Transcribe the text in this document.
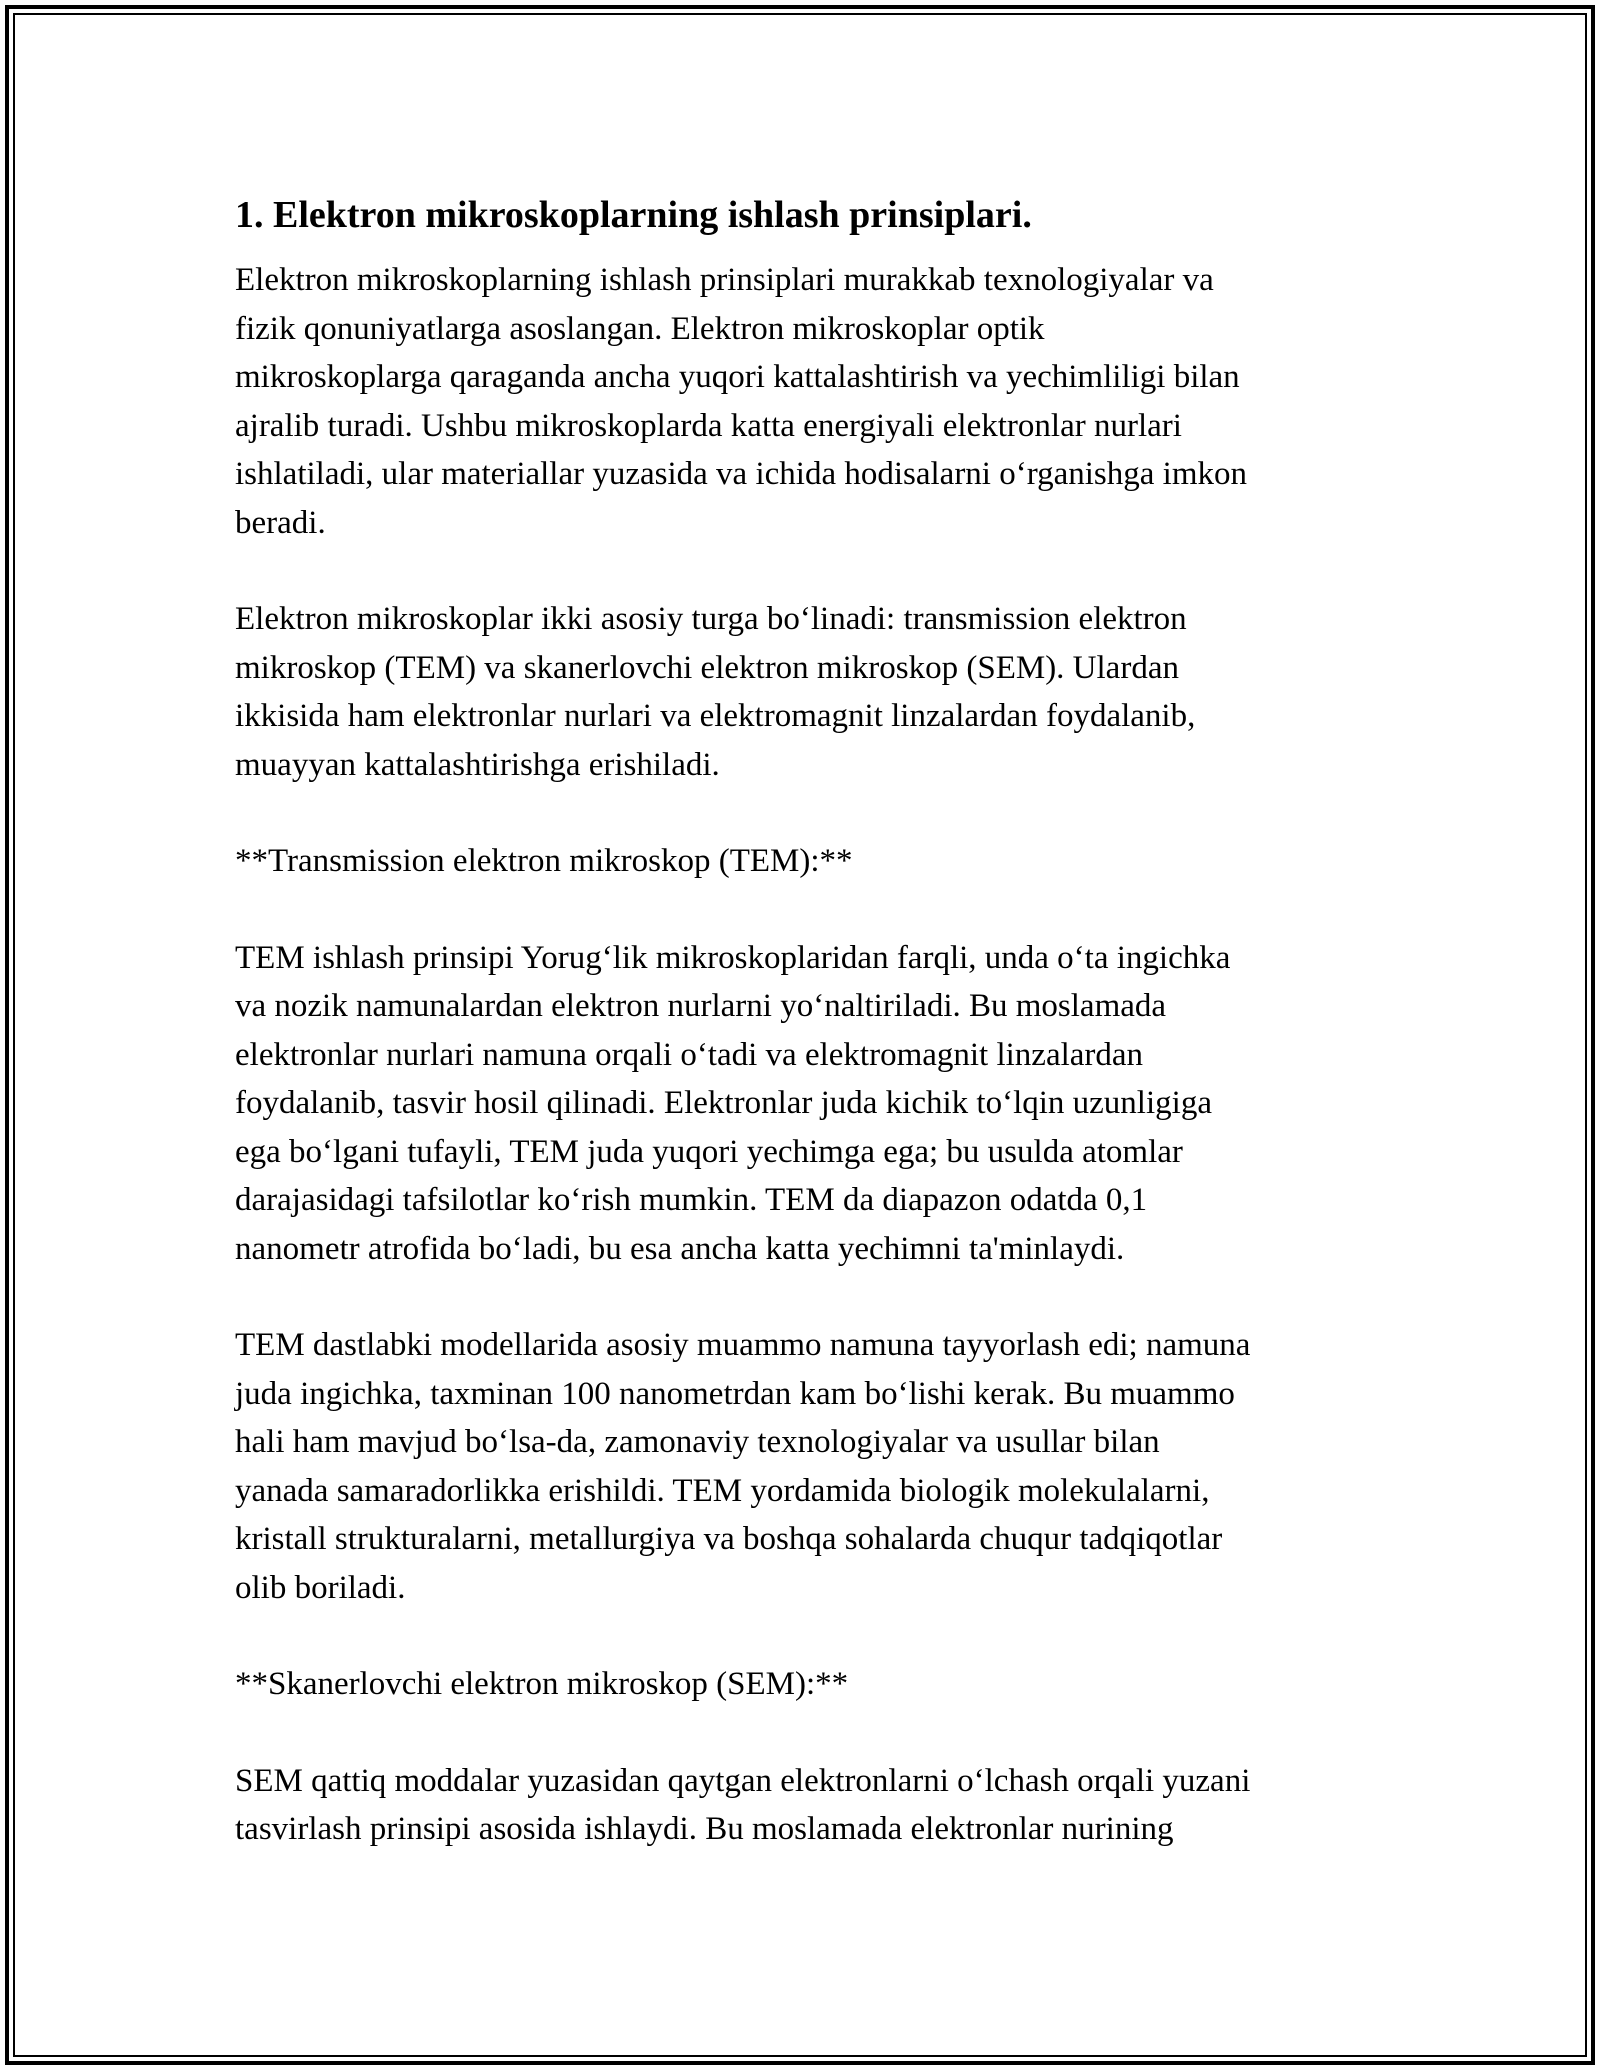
1. Elektron mikroskoplarning ishlash prinsiplari.
Elektron mikroskoplarning ishlash prinsiplari murakkab texnologiyalar va
fizik qonuniyatlarga asoslangan. Elektron mikroskoplar optik
mikroskoplarga qaraganda ancha yuqori kattalashtirish va yechimliligi bilan
ajralib turadi. Ushbu mikroskoplarda katta energiyali elektronlar nurlari
ishlatiladi, ular materiallar yuzasida va ichida hodisalarni o‘rganishga imkon
beradi.
Elektron mikroskoplar ikki asosiy turga bo‘linadi: transmission elektron
mikroskop (TEM) va skanerlovchi elektron mikroskop (SEM). Ulardan
ikkisida ham elektronlar nurlari va elektromagnit linzalardan foydalanib,
muayyan kattalashtirishga erishiladi.
**Transmission elektron mikroskop (TEM):**
TEM ishlash prinsipi Yorug‘lik mikroskoplaridan farqli, unda o‘ta ingichka
va nozik namunalardan elektron nurlarni yo‘naltiriladi. Bu moslamada
elektronlar nurlari namuna orqali o‘tadi va elektromagnit linzalardan
foydalanib, tasvir hosil qilinadi. Elektronlar juda kichik to‘lqin uzunligiga
ega bo‘lgani tufayli, TEM juda yuqori yechimga ega; bu usulda atomlar
darajasidagi tafsilotlar ko‘rish mumkin. TEM da diapazon odatda 0,1
nanometr atrofida bo‘ladi, bu esa ancha katta yechimni ta'minlaydi.
TEM dastlabki modellarida asosiy muammo namuna tayyorlash edi; namuna
juda ingichka, taxminan 100 nanometrdan kam bo‘lishi kerak. Bu muammo
hali ham mavjud bo‘lsa-da, zamonaviy texnologiyalar va usullar bilan
yanada samaradorlikka erishildi. TEM yordamida biologik molekulalarni,
kristall strukturalarni, metallurgiya va boshqa sohalarda chuqur tadqiqotlar
olib boriladi.
**Skanerlovchi elektron mikroskop (SEM):**
SEM qattiq moddalar yuzasidan qaytgan elektronlarni o‘lchash orqali yuzani
tasvirlash prinsipi asosida ishlaydi. Bu moslamada elektronlar nurining
